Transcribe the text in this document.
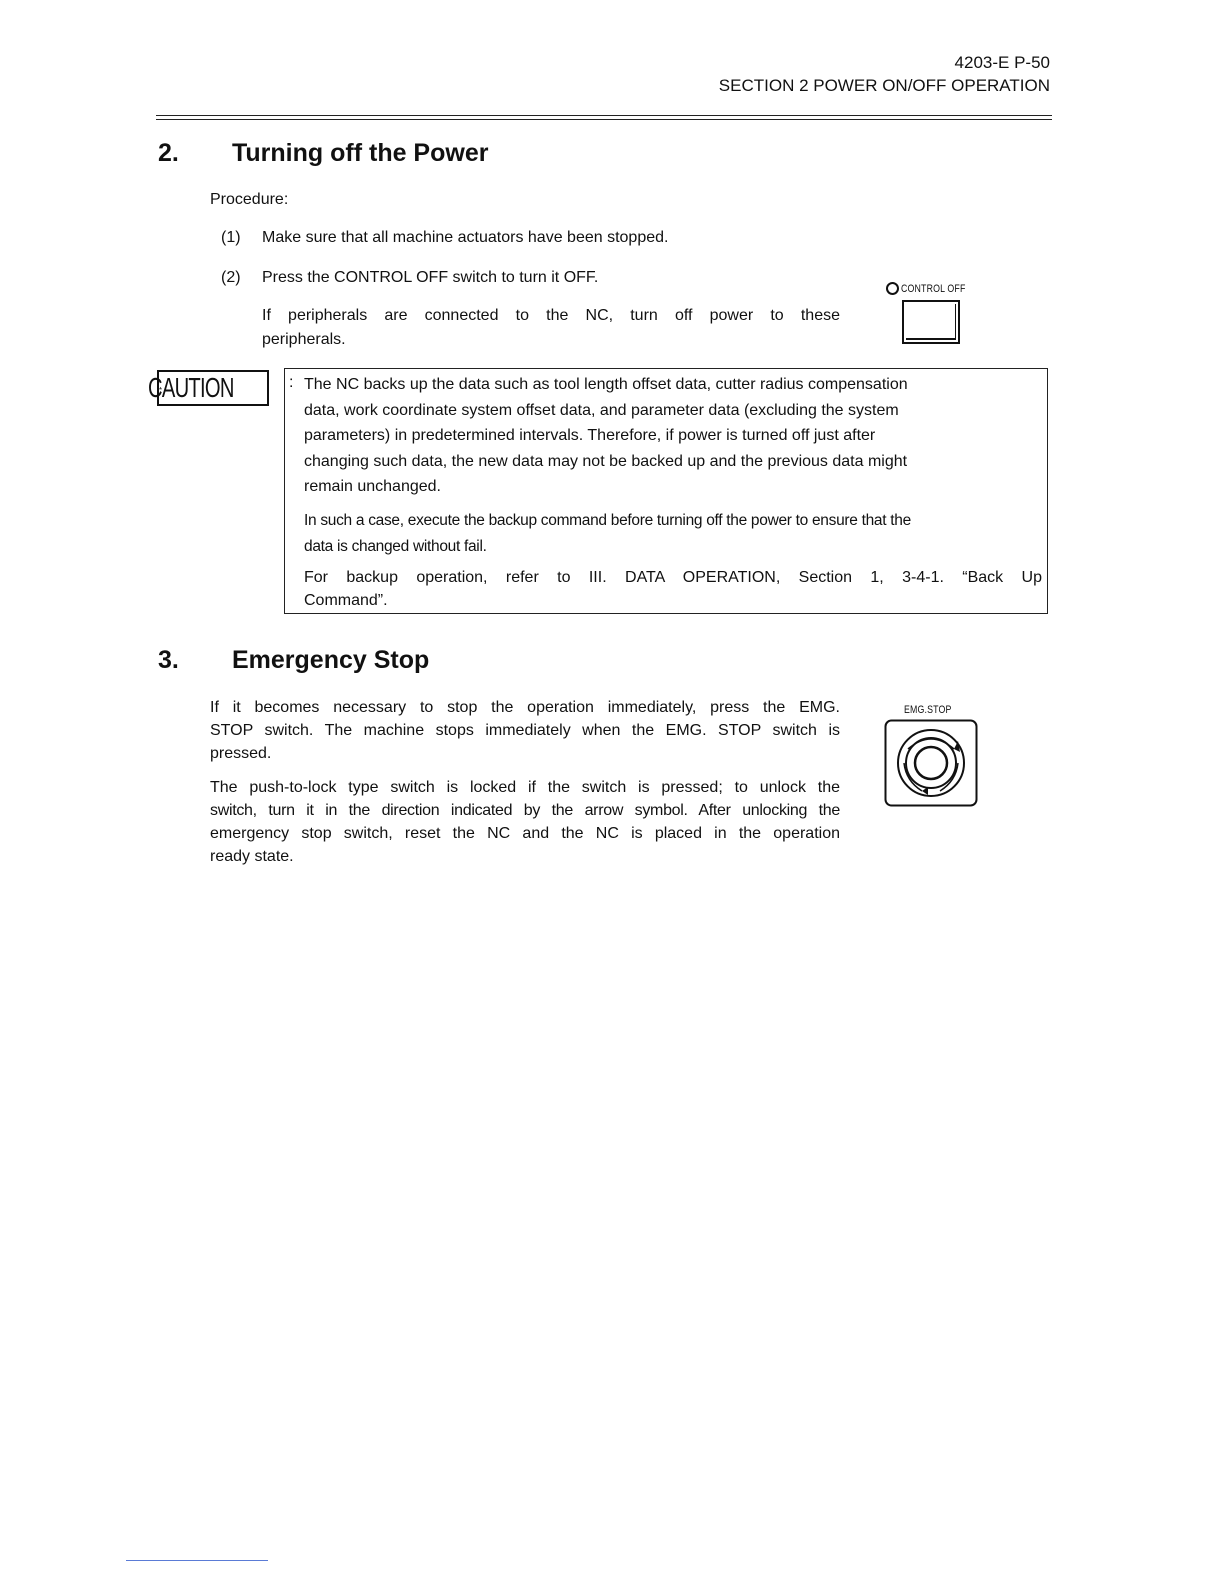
4203-E P-50
SECTION 2 POWER ON/OFF OPERATION
2. Turning off the Power
Procedure:
(1) Make sure that all machine actuators have been stopped.
(2) Press the CONTROL OFF switch to turn it OFF.
If peripherals are connected to the NC, turn off power to these
peripherals.
CONTROL OFF
CAUTION	: The NC backs up the data such as tool length offset data, cutter radius compensation
data, work coordinate system offset data, and parameter data (excluding the system
parameters) in predetermined intervals. Therefore, if power is turned off just after
changing such data, the new data may not be backed up and the previous data might
remain unchanged.
In such a case, execute the backup command before turning off the power to ensure that the
data is changed without fail.
For backup operation, refer to III. DATA OPERATION, Section 1, 3-4-1. “Back Up
Command”.
3. Emergency Stop
If it becomes necessary to stop the operation immediately, press the EMG.
STOP switch. The machine stops immediately when the EMG. STOP switch is
pressed.
The push-to-lock type switch is locked if the switch is pressed; to unlock the
switch, turn it in the direction indicated by the arrow symbol. After unlocking the
emergency stop switch, reset the NC and the NC is placed in the operation
ready state.
EMG.STOP
